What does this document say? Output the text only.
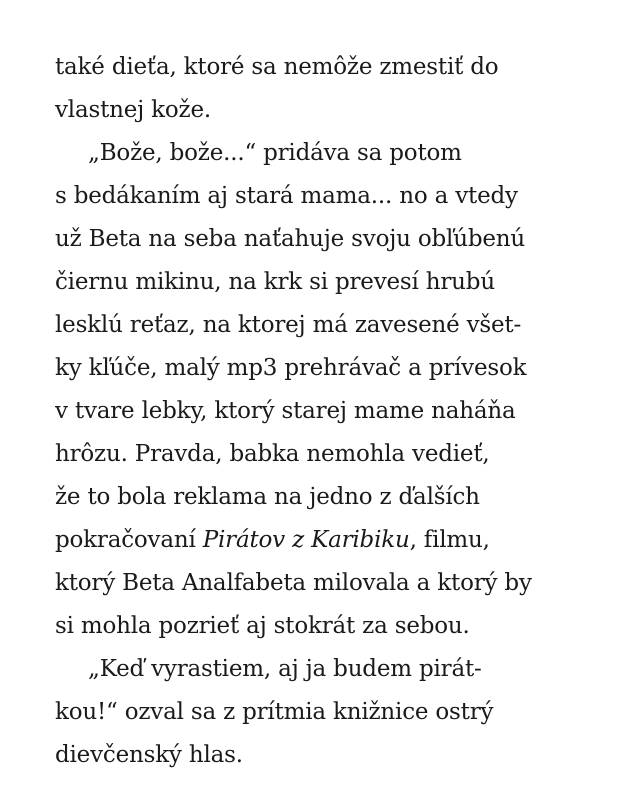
také dieťa, ktoré sa nemôže zmestiť do
vlastnej kože.
„Bože, bože...“ pridáva sa potom
s bedákaním aj stará mama... no a vtedy
už Beta na seba naťahuje svoju obľúbenú
čiernu mikinu, na krk si prevesí hrubú
lesklú reťaz, na ktorej má zavesené všet-
ky kľúče, malý mp3 prehrávač a prívesok
v tvare lebky, ktorý starej mame naháňa
hrôzu. Pravda, babka nemohla vedieť,
že to bola reklama na jedno z ďalších
pokračovaní Pirátov z Karibiku, filmu,
ktorý Beta Analfabeta milovala a ktorý by
si mohla pozrieť aj stokrát za sebou.
„Keď vyrastiem, aj ja budem pirát-
kou!“ ozval sa z prítmia knižnice ostrý
dievčenský hlas.
